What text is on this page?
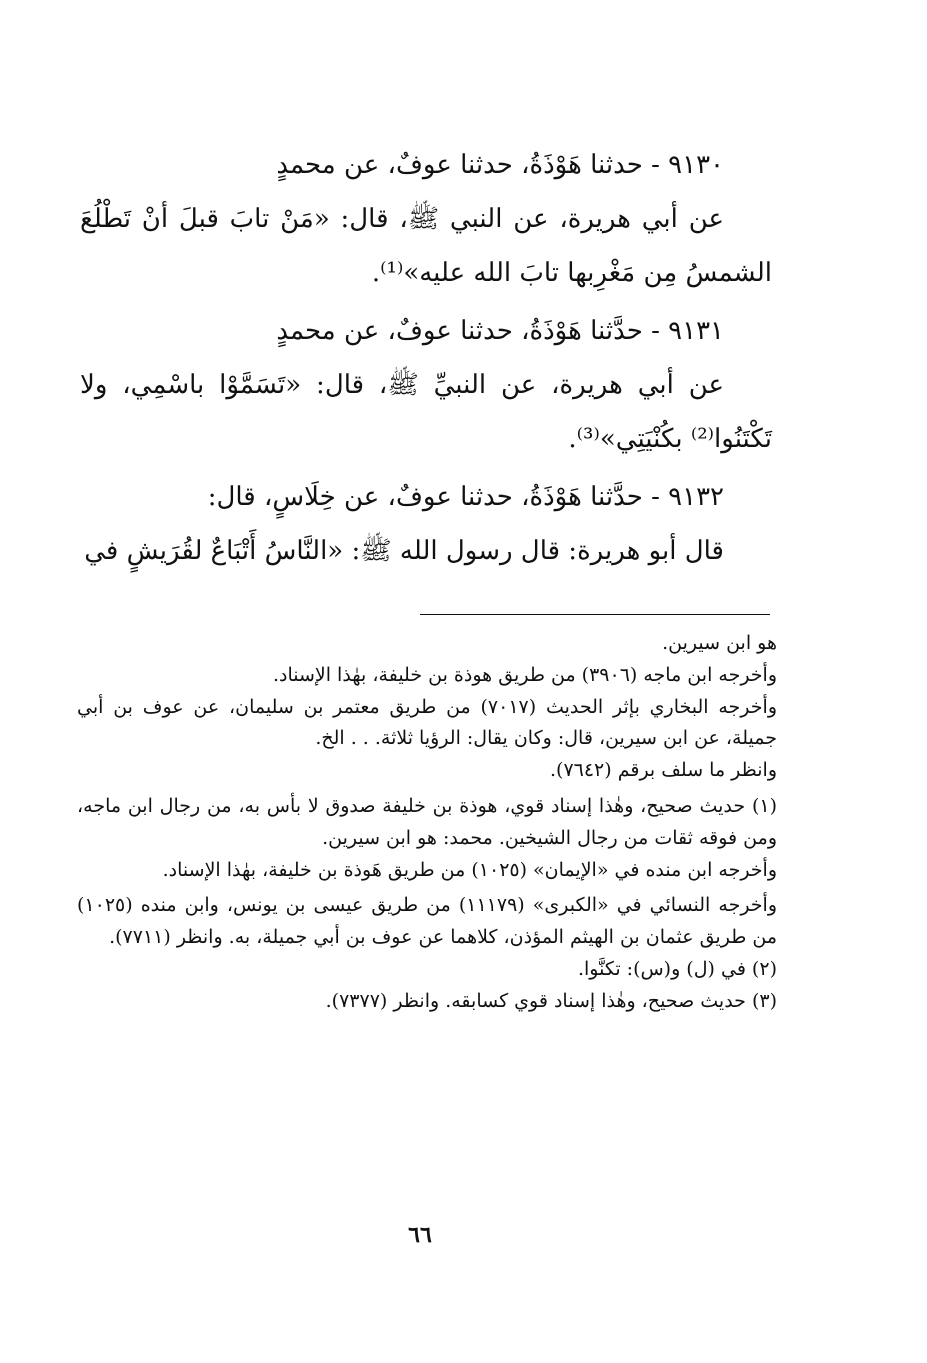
٩١٣٠ - حدثنا هَوْذَةُ، حدثنا عوفٌ، عن محمدٍ

عن أبي هريرة، عن النبي ﷺ، قال: «مَنْ تابَ قبلَ أنْ تَطْلُعَ الشمسُ مِن مَغْرِبها تابَ الله عليه»⁽¹⁾.

٩١٣١ - حدَّثنا هَوْذَةُ، حدثنا عوفٌ، عن محمدٍ

عن أبي هريرة، عن النبيِّ ﷺ، قال: «تَسَمَّوْا باسْمِي، ولا تَكْتَنُوا⁽²⁾ بكُنْيَتِي»⁽³⁾.

٩١٣٢ - حدَّثنا هَوْذَةُ، حدثنا عوفٌ، عن خِلَاسٍ، قال:

قال أبو هريرة: قال رسول الله ﷺ: «النَّاسُ أَتْبَاعٌ لقُرَيشٍ في

هو ابن سيرين.

وأخرجه ابن ماجه (٣٩٠٦) من طريق هوذة بن خليفة، بهٰذا الإسناد.

وأخرجه البخاري بإثر الحديث (٧٠١٧) من طريق معتمر بن سليمان، عن عوف بن أبي جميلة، عن ابن سيرين، قال: وكان يقال: الرؤيا ثلاثة. . . الخ.

وانظر ما سلف برقم (٧٦٤٢).

(١) حديث صحيح، وهٰذا إسناد قوي، هوذة بن خليفة صدوق لا بأس به، من رجال ابن ماجه، ومن فوقه ثقات من رجال الشيخين. محمد: هو ابن سيرين.

وأخرجه ابن منده في «الإيمان» (١٠٢٥) من طريق هَوذة بن خليفة، بهٰذا الإسناد.

وأخرجه النسائي في «الكبرى» (١١١٧٩) من طريق عيسى بن يونس، وابن منده (١٠٢٥) من طريق عثمان بن الهيثم المؤذن، كلاهما عن عوف بن أبي جميلة، به. وانظر (٧٧١١).

(٢) في (ل) و(س): تكنَّوا.

(٣) حديث صحيح، وهٰذا إسناد قوي كسابقه. وانظر (٧٣٧٧).

٦٦
